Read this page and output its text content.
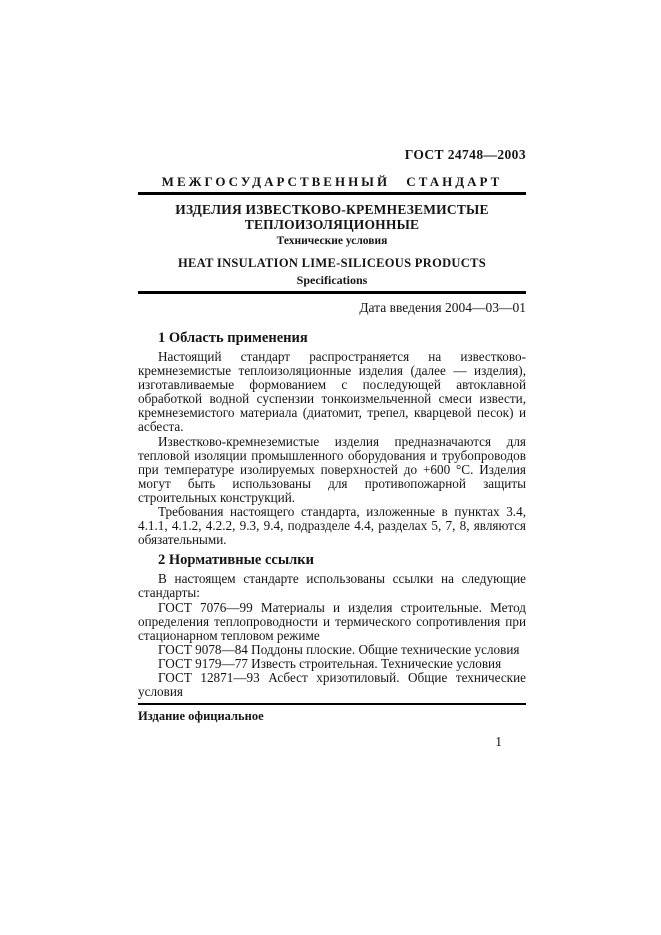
ГОСТ 24748—2003
МЕЖГОСУДАРСТВЕННЫЙ СТАНДАРТ
ИЗДЕЛИЯ ИЗВЕСТКОВО-КРЕМНЕЗЕМИСТЫЕ
ТЕПЛОИЗОЛЯЦИОННЫЕ
Технические условия
HEAT INSULATION LIME-SILICEOUS PRODUCTS
Specifications
Дата введения 2004—03—01
1 Область применения

Настоящий стандарт распространяется на известково-кремнеземистые теплоизоляционные изделия (далее — изделия), изготавливаемые формованием с последующей автоклавной обработкой водной суспензии тонкоизмельченной смеси извести, кремнеземистого материала (диатомит, трепел, кварцевой песок) и асбеста.

Известково-кремнеземистые изделия предназначаются для тепловой изоляции промышленного оборудования и трубопроводов при температуре изолируемых поверхностей до +600 °С. Изделия могут быть использованы для противопожарной защиты строительных конструкций.

Требования настоящего стандарта, изложенные в пунктах 3.4, 4.1.1, 4.1.2, 4.2.2, 9.3, 9.4, подразделе 4.4, разделах 5, 7, 8, являются обязательными.

2 Нормативные ссылки

В настоящем стандарте использованы ссылки на следующие стандарты:

ГОСТ 7076—99 Материалы и изделия строительные. Метод определения теплопроводности и термического сопротивления при стационарном тепловом режиме

ГОСТ 9078—84 Поддоны плоские. Общие технические условия

ГОСТ 9179—77 Известь строительная. Технические условия

ГОСТ 12871—93 Асбест хризотиловый. Общие технические условия

Издание официальное
1
